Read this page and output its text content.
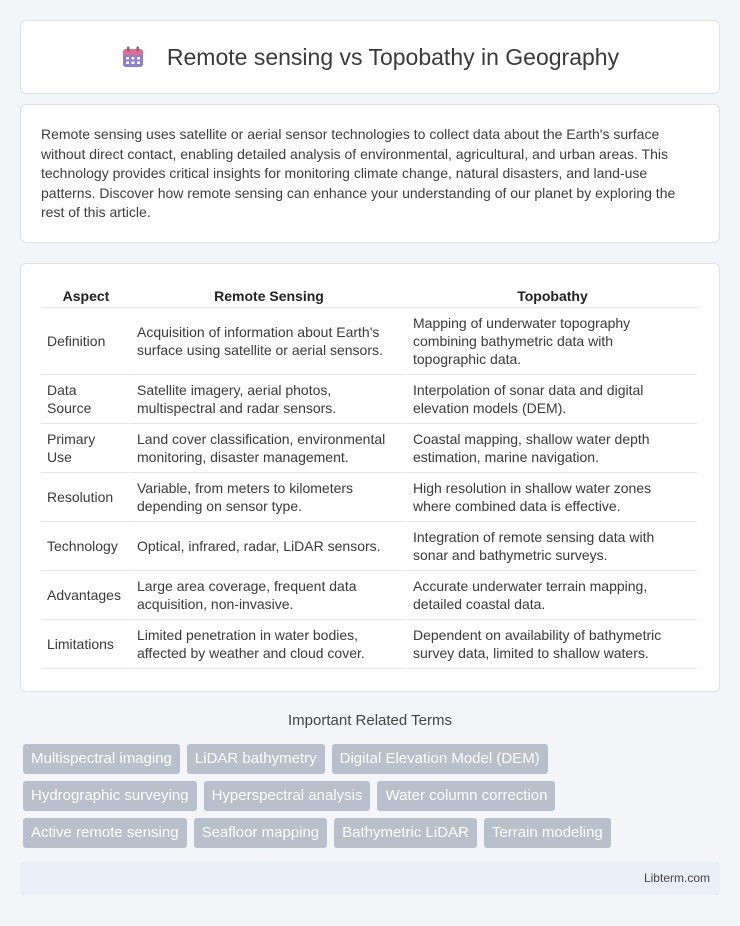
Remote sensing vs Topobathy in Geography

Remote sensing uses satellite or aerial sensor technologies to collect data about the Earth's surface without direct contact, enabling detailed analysis of environmental, agricultural, and urban areas. This technology provides critical insights for monitoring climate change, natural disasters, and land-use patterns. Discover how remote sensing can enhance your understanding of our planet by exploring the rest of this article.

Aspect	Remote Sensing	Topobathy
Definition	Acquisition of information about Earth's surface using satellite or aerial sensors.	Mapping of underwater topography combining bathymetric data with topographic data.
Data Source	Satellite imagery, aerial photos, multispectral and radar sensors.	Interpolation of sonar data and digital elevation models (DEM).
Primary Use	Land cover classification, environmental monitoring, disaster management.	Coastal mapping, shallow water depth estimation, marine navigation.
Resolution	Variable, from meters to kilometers depending on sensor type.	High resolution in shallow water zones where combined data is effective.
Technology	Optical, infrared, radar, LiDAR sensors.	Integration of remote sensing data with sonar and bathymetric surveys.
Advantages	Large area coverage, frequent data acquisition, non-invasive.	Accurate underwater terrain mapping, detailed coastal data.
Limitations	Limited penetration in water bodies, affected by weather and cloud cover.	Dependent on availability of bathymetric survey data, limited to shallow waters.
Important Related Terms
Multispectral imaging	LiDAR bathymetry	Digital Elevation Model (DEM)
Hydrographic surveying	Hyperspectral analysis	Water column correction
Active remote sensing	Seafloor mapping	Bathymetric LiDAR	Terrain modeling
Libterm.com
